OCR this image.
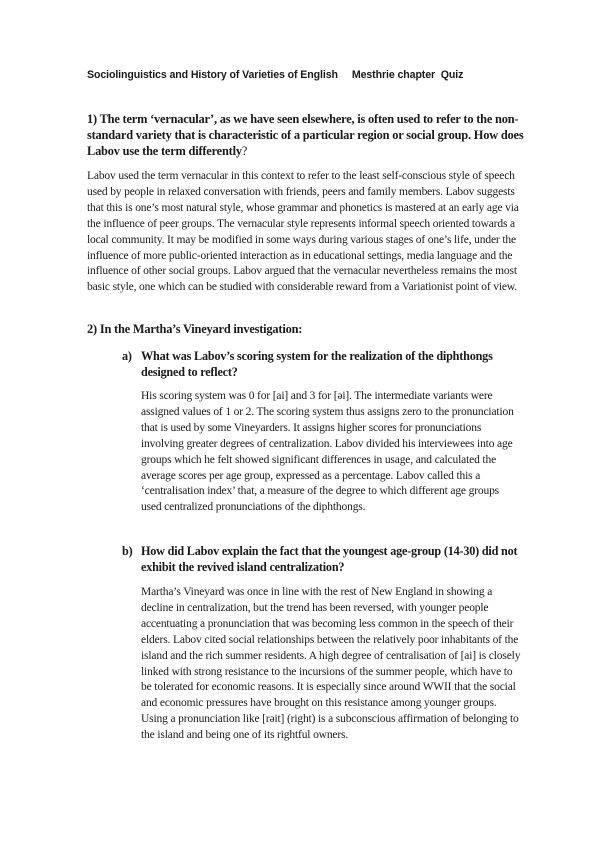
Sociolinguistics and History of Varieties of English Mesthrie chapter Quiz
1) The term ‘vernacular’, as we have seen elsewhere, is often used to refer to the non-standard variety that is characteristic of a particular region or social group. How does Labov use the term differently?
Labov used the term vernacular in this context to refer to the least self-conscious style of speech used by people in relaxed conversation with friends, peers and family members. Labov suggests that this is one’s most natural style, whose grammar and phonetics is mastered at an early age via the influence of peer groups. The vernacular style represents informal speech oriented towards a local community. It may be modified in some ways during various stages of one’s life, under the influence of more public-oriented interaction as in educational settings, media language and the influence of other social groups. Labov argued that the vernacular nevertheless remains the most basic style, one which can be studied with considerable reward from a Variationist point of view.
2) In the Martha’s Vineyard investigation:
a) What was Labov’s scoring system for the realization of the diphthongs designed to reflect?
His scoring system was 0 for [ai] and 3 for [əi]. The intermediate variants were assigned values of 1 or 2. The scoring system thus assigns zero to the pronunciation that is used by some Vineyarders. It assigns higher scores for pronunciations involving greater degrees of centralization. Labov divided his interviewees into age groups which he felt showed significant differences in usage, and calculated the average scores per age group, expressed as a percentage. Labov called this a ‘centralisation index’ that, a measure of the degree to which different age groups used centralized pronunciations of the diphthongs.
b) How did Labov explain the fact that the youngest age-group (14-30) did not exhibit the revived island centralization?
Martha’s Vineyard was once in line with the rest of New England in showing a decline in centralization, but the trend has been reversed, with younger people accentuating a pronunciation that was becoming less common in the speech of their elders. Labov cited social relationships between the relatively poor inhabitants of the island and the rich summer residents. A high degree of centralisation of [ai] is closely linked with strong resistance to the incursions of the summer people, which have to be tolerated for economic reasons. It is especially since around WWII that the social and economic pressures have brought on this resistance among younger groups. Using a pronunciation like [rəit] (right) is a subconscious affirmation of belonging to the island and being one of its rightful owners.
